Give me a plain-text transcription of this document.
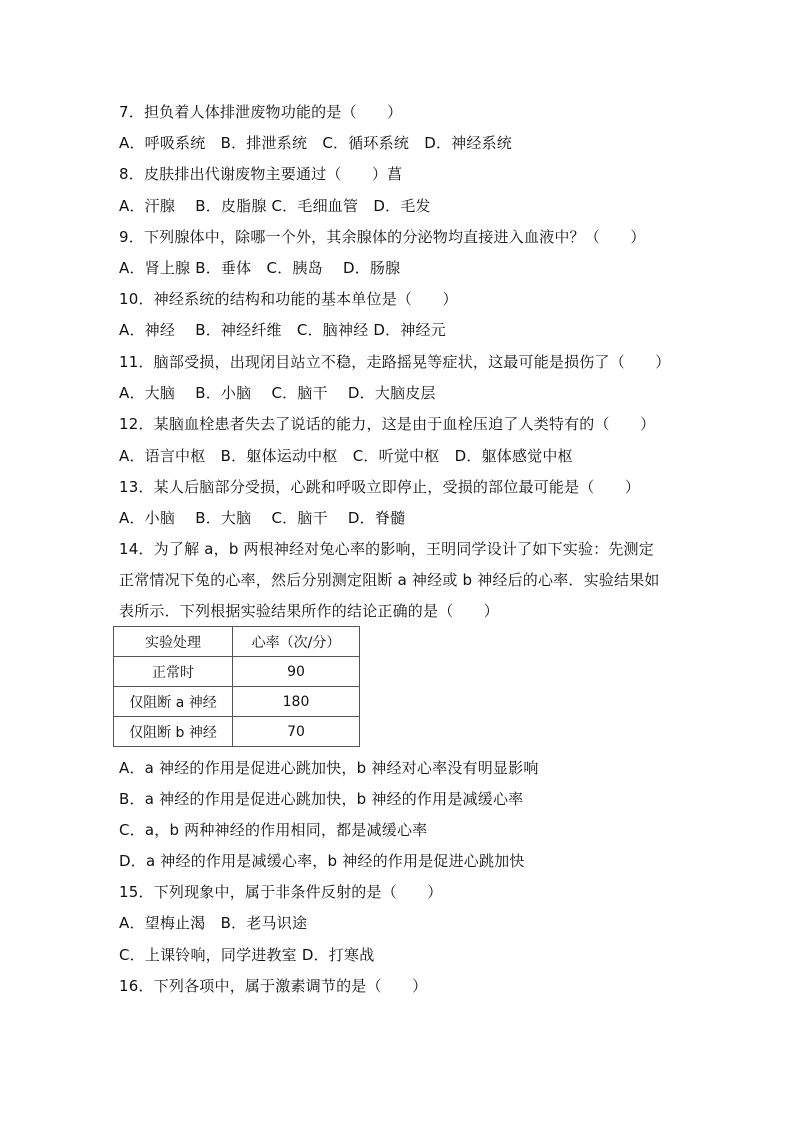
7．担负着人体排泄废物功能的是（　　）
A．呼吸系统　B．排泄系统　C．循环系统　D．神经系统
8．皮肤排出代谢废物主要通过（　　）菖
A．汗腺　 B．皮脂腺 C．毛细血管　D．毛发
9．下列腺体中，除哪一个外，其余腺体的分泌物均直接进入血液中？（　　）
A．肾上腺 B．垂体　C．胰岛　 D．肠腺
10．神经系统的结构和功能的基本单位是（　　）
A．神经　 B．神经纤维　C．脑神经 D．神经元
11．脑部受损，出现闭目站立不稳，走路摇晃等症状，这最可能是损伤了（　　）
A．大脑　 B．小脑　 C．脑干　 D．大脑皮层
12．某脑血栓患者失去了说话的能力，这是由于血栓压迫了人类特有的（　　）
A．语言中枢　B．躯体运动中枢　C．听觉中枢　D．躯体感觉中枢
13．某人后脑部分受损，心跳和呼吸立即停止，受损的部位最可能是（　　）
A．小脑　 B．大脑　 C．脑干　 D．脊髓
14．为了解 a，b 两根神经对兔心率的影响，王明同学设计了如下实验：先测定
正常情况下兔的心率，然后分别测定阻断 a 神经或 b 神经后的心率．实验结果如
表所示．下列根据实验结果所作的结论正确的是（　　）
实验处理	心率（次/分）
正常时	90
仅阻断 a 神经	180
仅阻断 b 神经	70
A．a 神经的作用是促进心跳加快，b 神经对心率没有明显影响
B．a 神经的作用是促进心跳加快，b 神经的作用是减缓心率
C．a，b 两种神经的作用相同，都是减缓心率
D．a 神经的作用是减缓心率，b 神经的作用是促进心跳加快
15．下列现象中，属于非条件反射的是（　　）
A．望梅止渴　B．老马识途
C．上课铃响，同学进教室 D．打寒战
16．下列各项中，属于激素调节的是（　　）
